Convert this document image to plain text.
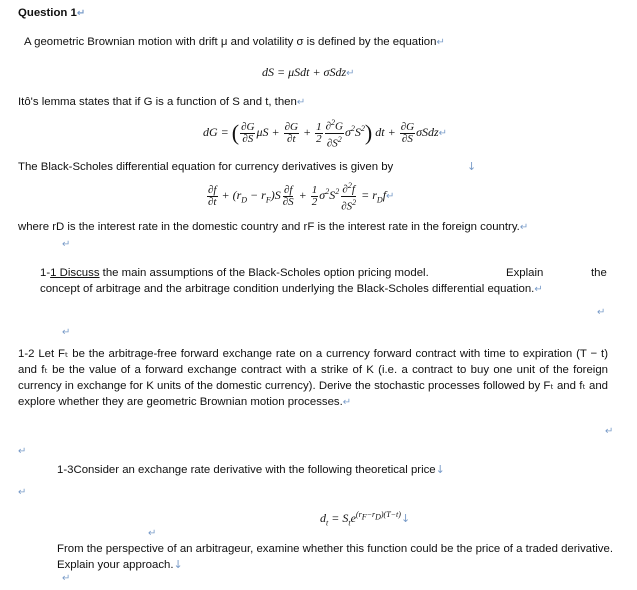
Question 1↵
A geometric Brownian motion with drift μ and volatility σ is defined by the equation↵
dS = μSdt + σSdz↵
Itô's lemma states that if G is a function of S and t, then↵
dG = ( $\frac{\partial G}{\partial S}$ $\mu S + \frac{\partial G}{\partial t} + \frac{1}{2} \frac{\partial^2G}{\partial S^2} \sigma^2S^2$) dt + $\frac{\partial G}{\partial S}$ σSdz↵
The Black-Scholes differential equation for currency derivatives is given by	↓
$\frac{\partial f}{\partial t} + (r_D - r_F)S \frac{\partial f}{\partial S} + \frac{1}{2} \sigma^2S^2 \frac{\partial^2f}{\partial S^2}$ = $r_Df↵$
where rD is the interest rate in the domestic country and rF is the interest rate in the foreign country.↵
↵
1-1 Discuss the main assumptions of the Black-Scholes option pricing model.	Explain	the
concept of arbitrage and the arbitrage condition underlying the Black-Scholes differential equation.↵
↵
↵
1-2 Let Fₜ be the arbitrage-free forward exchange rate on a currency forward contract with time to expiration (T − t) and fₜ be the value of a forward exchange contract with a strike of K (i.e. a contract to buy one unit of the foreign currency in exchange for K units of the domestic currency). Derive the stochastic processes followed by Fₜ and fₜ and explore whether they are geometric Brownian motion processes.↵
↵
↵
1-3Consider an exchange rate derivative with the following theoretical price↓
↵
$d_t$ = $S_te^{(r_F-r_D)(T-t)}↓$
↵
From the perspective of an arbitrageur, examine whether this function could be the price of a traded derivative. Explain your approach.↓
↵
